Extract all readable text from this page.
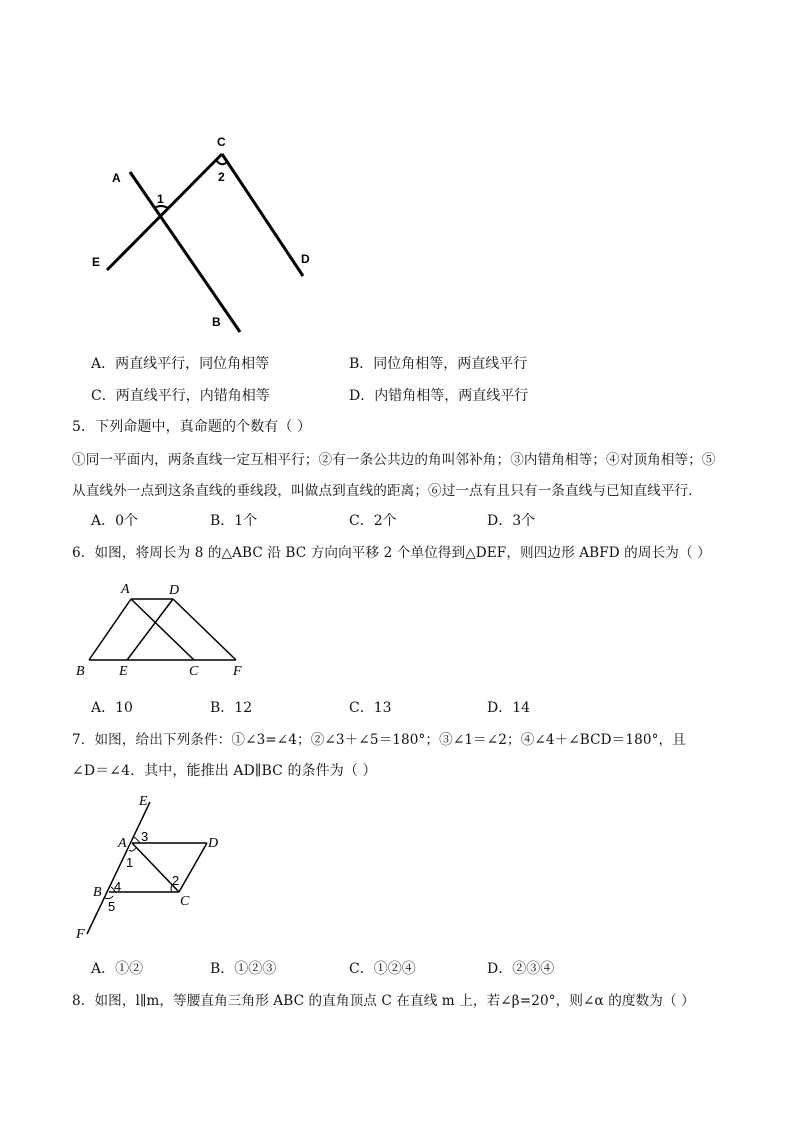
A
B
C
D
E
1
2
A．两直线平行，同位角相等	B．同位角相等，两直线平行
C．两直线平行，内错角相等	D．内错角相等，两直线平行
5．下列命题中，真命题的个数有（ ）
①同一平面内，两条直线一定互相平行；②有一条公共边的角叫邻补角；③内错角相等；④对顶角相等；⑤
从直线外一点到这条直线的垂线段，叫做点到直线的距离；⑥过一点有且只有一条直线与已知直线平行．
A．0个	B．1个	C．2个	D．3个
6．如图，将周长为 8 的△ABC 沿 BC 方向向平移 2 个单位得到△DEF，则四边形 ABFD 的周长为（ ）
A	D
B E	C F
A．10	B．12	C．13	D．14
7．如图，给出下列条件：①∠3=∠4；②∠3＋∠5＝180°；③∠1＝∠2；④∠4＋∠BCD＝180°，且
∠D＝∠4．其中，能推出 AD∥BC 的条件为（ ）
E
A	D
B
C
F
3
1
2
4
5
A．①②	B．①②③	C．①②④	D．②③④
8．如图，l∥m，等腰直角三角形 ABC 的直角顶点 C 在直线 m 上，若∠β=20°，则∠α 的度数为（ ）
